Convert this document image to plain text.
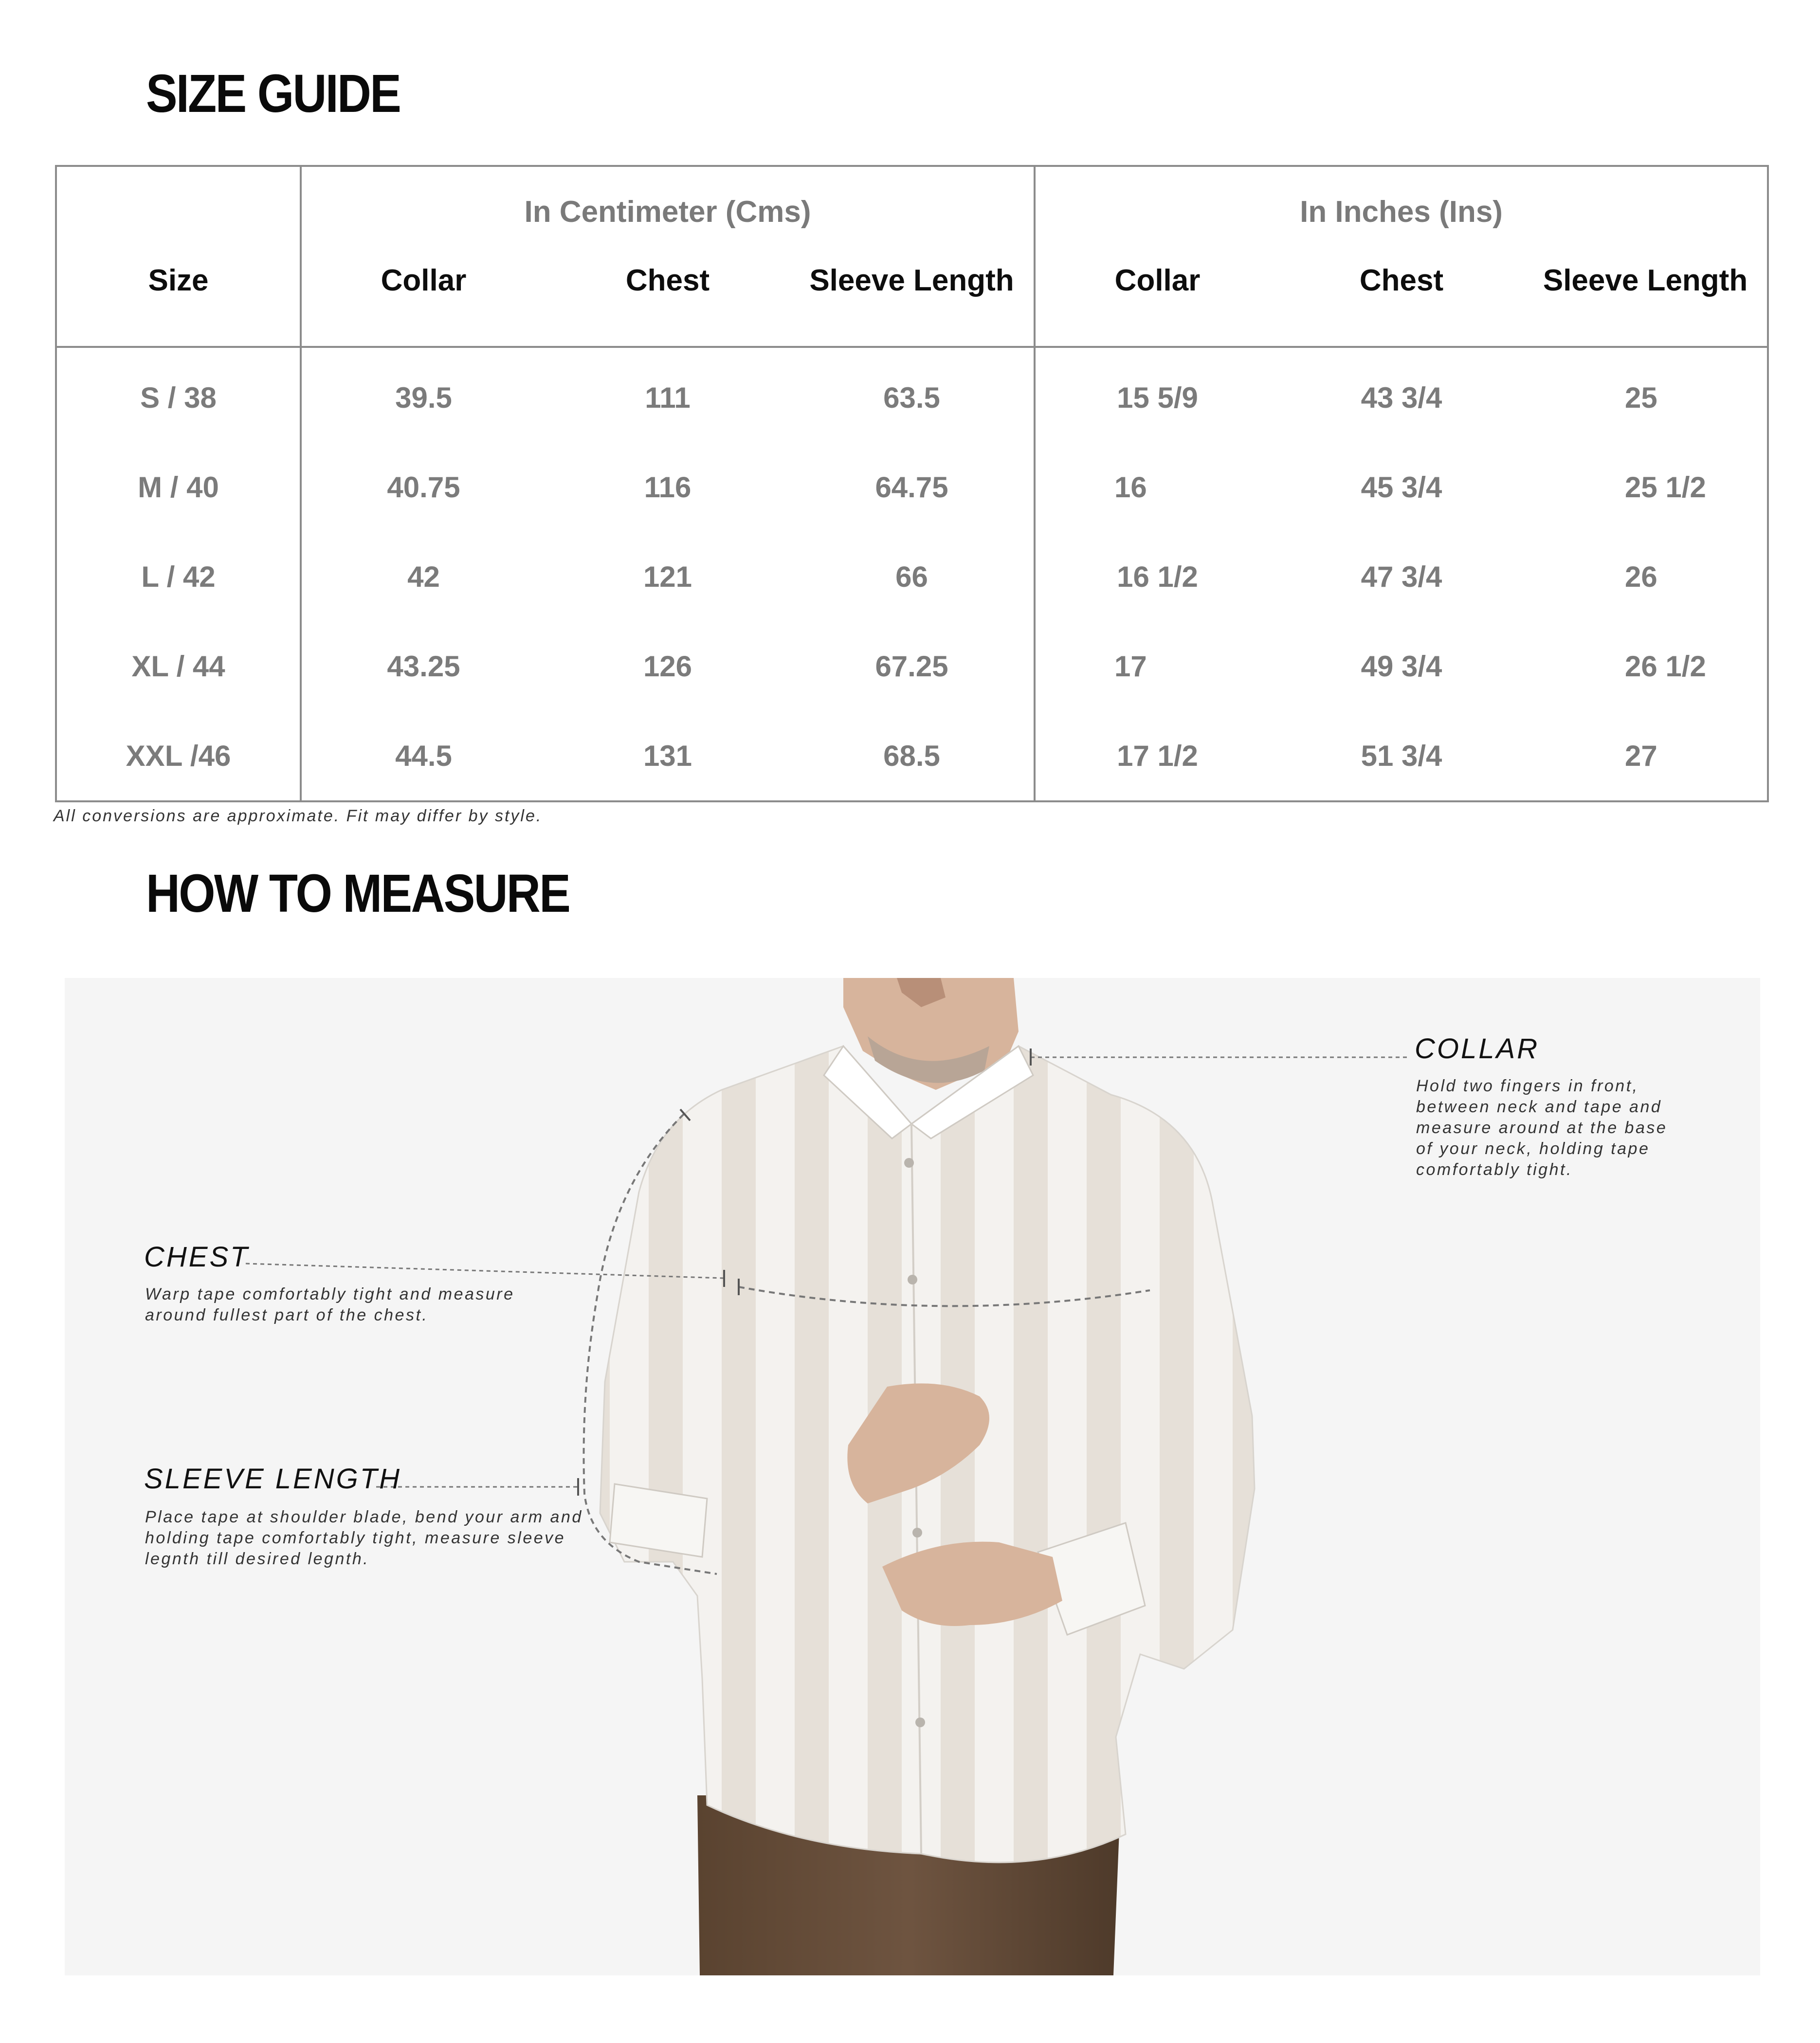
SIZE GUIDE
	In Centimeter (Cms)			In Inches (Ins)		
Size	Collar	Chest	Sleeve Length	Collar	Chest	Sleeve Length
S / 38	39.5	111	63.5	15 5/9	43 3/4	25
M / 40	40.75	116	64.75	16	45 3/4	25 1/2
L / 42	42	121	66	16 1/2	47 3/4	26
XL / 44	43.25	126	67.25	17	49 3/4	26 1/2
XXL /46	44.5	131	68.5	17 1/2	51 3/4	27
All conversions are approximate. Fit may differ by style.
HOW TO MEASURE
COLLAR
Hold two fingers in front,
between neck and tape and
measure around at the base
of your neck, holding tape
comfortably tight.
CHEST
Warp tape comfortably tight and measure
around fullest part of the chest.
SLEEVE LENGTH
Place tape at shoulder blade, bend your arm and
holding tape comfortably tight, measure sleeve
legnth till desired legnth.
